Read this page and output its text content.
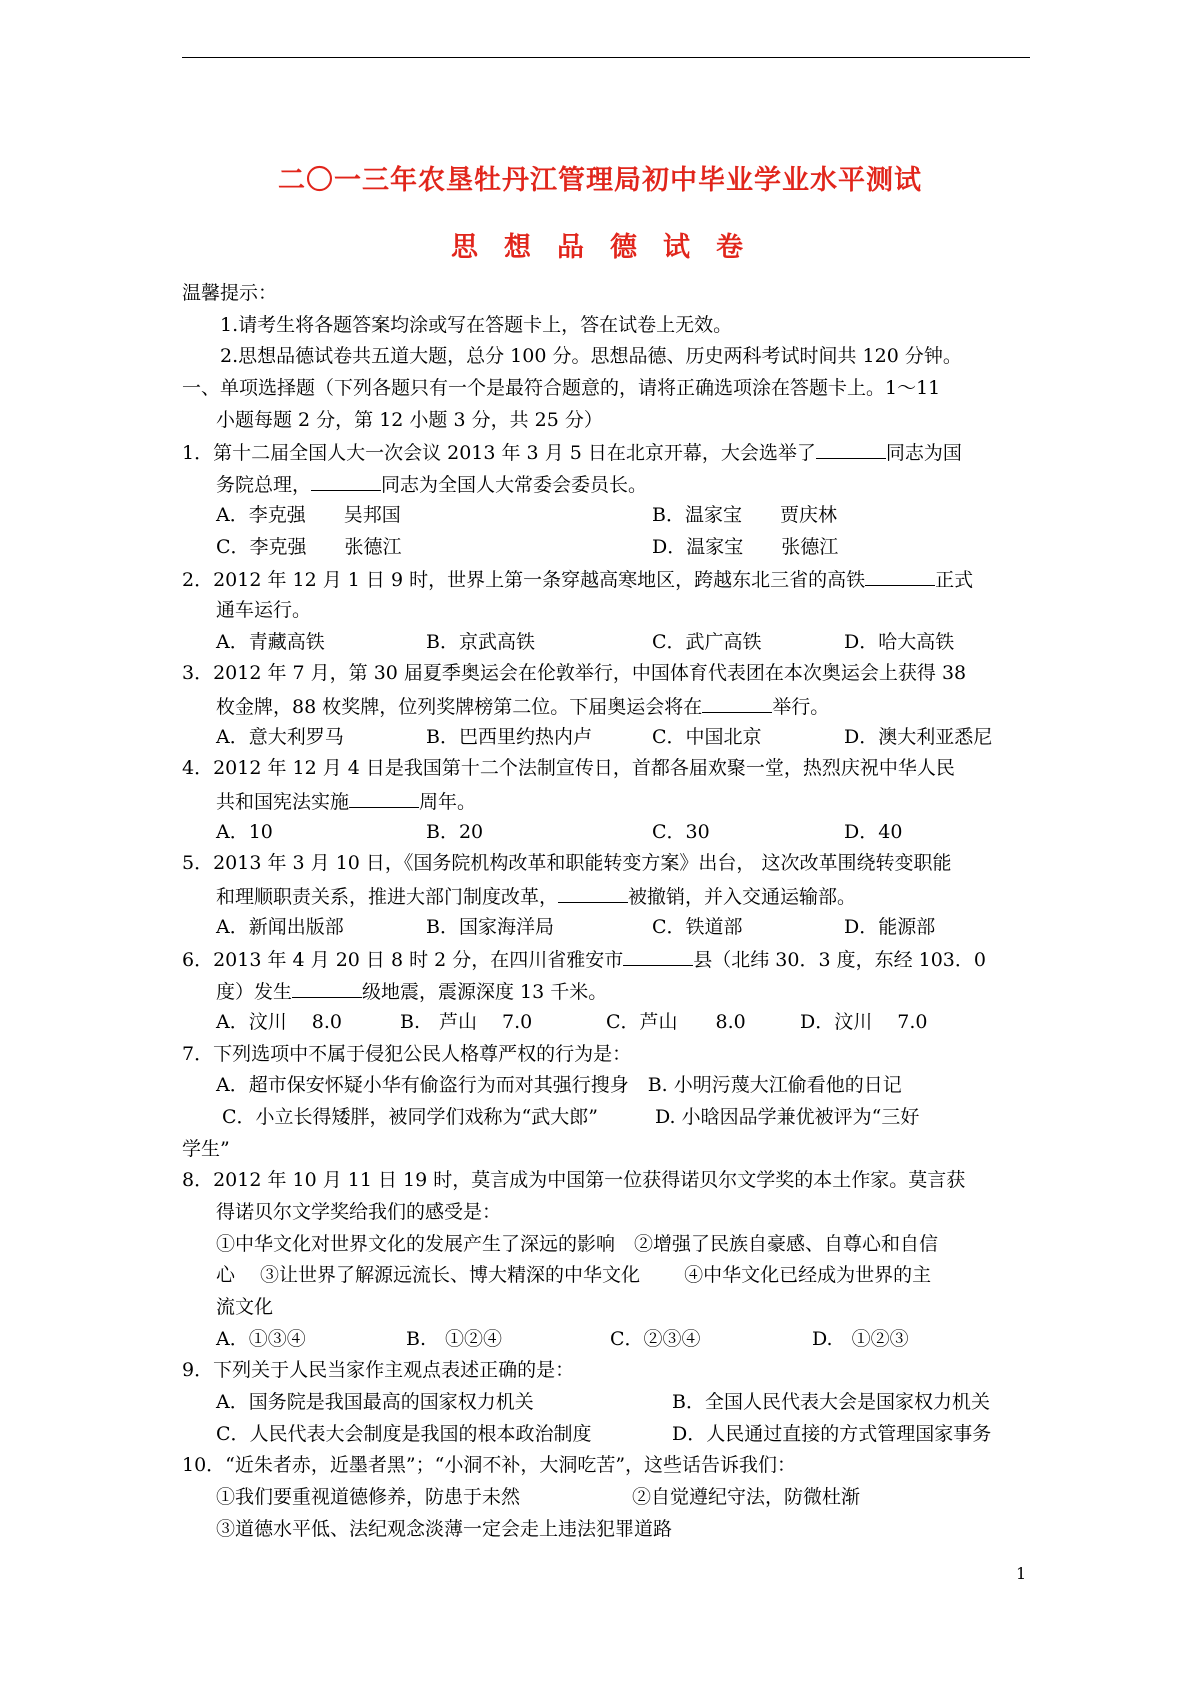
二〇一三年农垦牡丹江管理局初中毕业学业水平测试
思想品德试卷
温馨提示：
1.请考生将各题答案均涂或写在答题卡上，答在试卷上无效。
2.思想品德试卷共五道大题，总分 100 分。思想品德、历史两科考试时间共 120 分钟。
一、单项选择题（下列各题只有一个是最符合题意的，请将正确选项涂在答题卡上。1～11
小题每题 2 分，第 12 小题 3 分，共 25 分）
1．第十二届全国人大一次会议 2013 年 3 月 5 日在北京开幕，大会选举了	同志为国
务院总理，	同志为全国人大常委会委员长。
A．李克强　　吴邦国	B．温家宝　　贾庆林
C．李克强　　张德江	D．温家宝　　张德江
2．2012 年 12 月 1 日 9 时，世界上第一条穿越高寒地区，跨越东北三省的高铁	正式
通车运行。
A．青藏高铁	B．京武高铁	C．武广高铁	D．哈大高铁
3．2012 年 7 月，第 30 届夏季奥运会在伦敦举行，中国体育代表团在本次奥运会上获得 38
枚金牌，88 枚奖牌，位列奖牌榜第二位。下届奥运会将在	举行。
A．意大利罗马	B．巴西里约热内卢	C．中国北京	D．澳大利亚悉尼
4．2012 年 12 月 4 日是我国第十二个法制宣传日，首都各届欢聚一堂，热烈庆祝中华人民
共和国宪法实施	周年。
A．10	B．20	C．30	D．40
5．2013 年 3 月 10 日，《国务院机构改革和职能转变方案》出台， 这次改革围绕转变职能
和理顺职责关系，推进大部门制度改革，	被撤销，并入交通运输部。
A．新闻出版部	B．国家海洋局	C．铁道部	D．能源部
6．2013 年 4 月 20 日 8 时 2 分，在四川省雅安市	县（北纬 30．3 度，东经 103．0
度）发生	级地震，震源深度 13 千米。
A．汶川　 8.0	B.　芦山　 7.0	C．芦山　　8.0	D．汶川　 7.0
7．下列选项中不属于侵犯公民人格尊严权的行为是：
A．超市保安怀疑小华有偷盗行为而对其强行搜身　B. 小明污蔑大江偷看他的日记
C．小立长得矮胖，被同学们戏称为“武大郎”　　　D. 小晗因品学兼优被评为“三好
学生”
8．2012 年 10 月 11 日 19 时，莫言成为中国第一位获得诺贝尔文学奖的本土作家。莫言获
得诺贝尔文学奖给我们的感受是：
①中华文化对世界文化的发展产生了深远的影响　②增强了民族自豪感、自尊心和自信
心　 ③让世界了解源远流长、博大精深的中华文化　　 ④中华文化已经成为世界的主
流文化
A．①③④	B.　①②④	C．②③④	D.　①②③
9．下列关于人民当家作主观点表述正确的是：
A．国务院是我国最高的国家权力机关	B．全国人民代表大会是国家权力机关
C．人民代表大会制度是我国的根本政治制度	D．人民通过直接的方式管理国家事务
10．“近朱者赤，近墨者黑”；“小洞不补，大洞吃苦”，这些话告诉我们：
①我们要重视道德修养，防患于未然	②自觉遵纪守法，防微杜渐
③道德水平低、法纪观念淡薄一定会走上违法犯罪道路
1
